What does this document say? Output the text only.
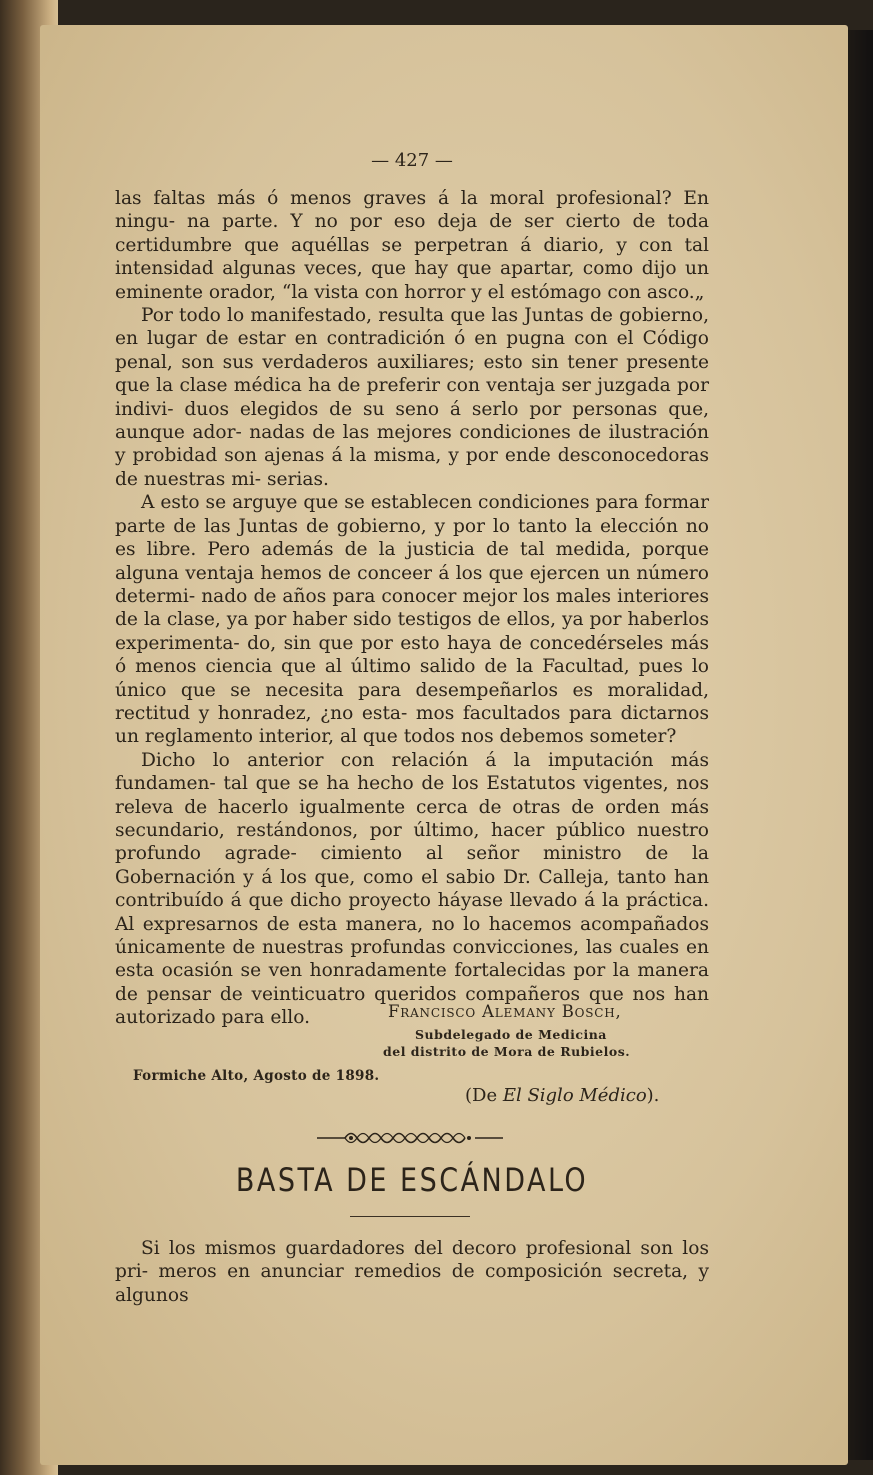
— 427 —

las faltas más ó menos graves á la moral profesional? En ningu- na parte. Y no por eso deja de ser cierto de toda certidumbre que aquéllas se perpetran á diario, y con tal intensidad algunas veces, que hay que apartar, como dijo un eminente orador, “la vista con horror y el estómago con asco.„

Por todo lo manifestado, resulta que las Juntas de gobierno, en lugar de estar en contradición ó en pugna con el Código penal, son sus verdaderos auxiliares; esto sin tener presente que la clase médica ha de preferir con ventaja ser juzgada por indivi- duos elegidos de su seno á serlo por personas que, aunque ador- nadas de las mejores condiciones de ilustración y probidad son ajenas á la misma, y por ende desconocedoras de nuestras mi- serias.

A esto se arguye que se establecen condiciones para formar parte de las Juntas de gobierno, y por lo tanto la elección no es libre. Pero además de la justicia de tal medida, porque alguna ventaja hemos de conceer á los que ejercen un número determi- nado de años para conocer mejor los males interiores de la clase, ya por haber sido testigos de ellos, ya por haberlos experimenta- do, sin que por esto haya de concedérseles más ó menos ciencia que al último salido de la Facultad, pues lo único que se necesita para desempeñarlos es moralidad, rectitud y honradez, ¿no esta- mos facultados para dictarnos un reglamento interior, al que todos nos debemos someter?

Dicho lo anterior con relación á la imputación más fundamen- tal que se ha hecho de los Estatutos vigentes, nos releva de hacerlo igualmente cerca de otras de orden más secundario, restándonos, por último, hacer público nuestro profundo agrade- cimiento al señor ministro de la Gobernación y á los que, como el sabio Dr. Calleja, tanto han contribuído á que dicho proyecto háyase llevado á la práctica. Al expresarnos de esta manera, no lo hacemos acompañados únicamente de nuestras profundas convicciones, las cuales en esta ocasión se ven honradamente fortalecidas por la manera de pensar de veinticuatro queridos compañeros que nos han autorizado para ello.	Francisco Alemany Bosch,
Subdelegado de Medicina
del distrito de Mora de Rubielos.
Formiche Alto, Agosto de 1898.
(De El Siglo Médico).
BASTA DE ESCÁNDALO

Si los mismos guardadores del decoro profesional son los pri- meros en anunciar remedios de composición secreta, y algunos
